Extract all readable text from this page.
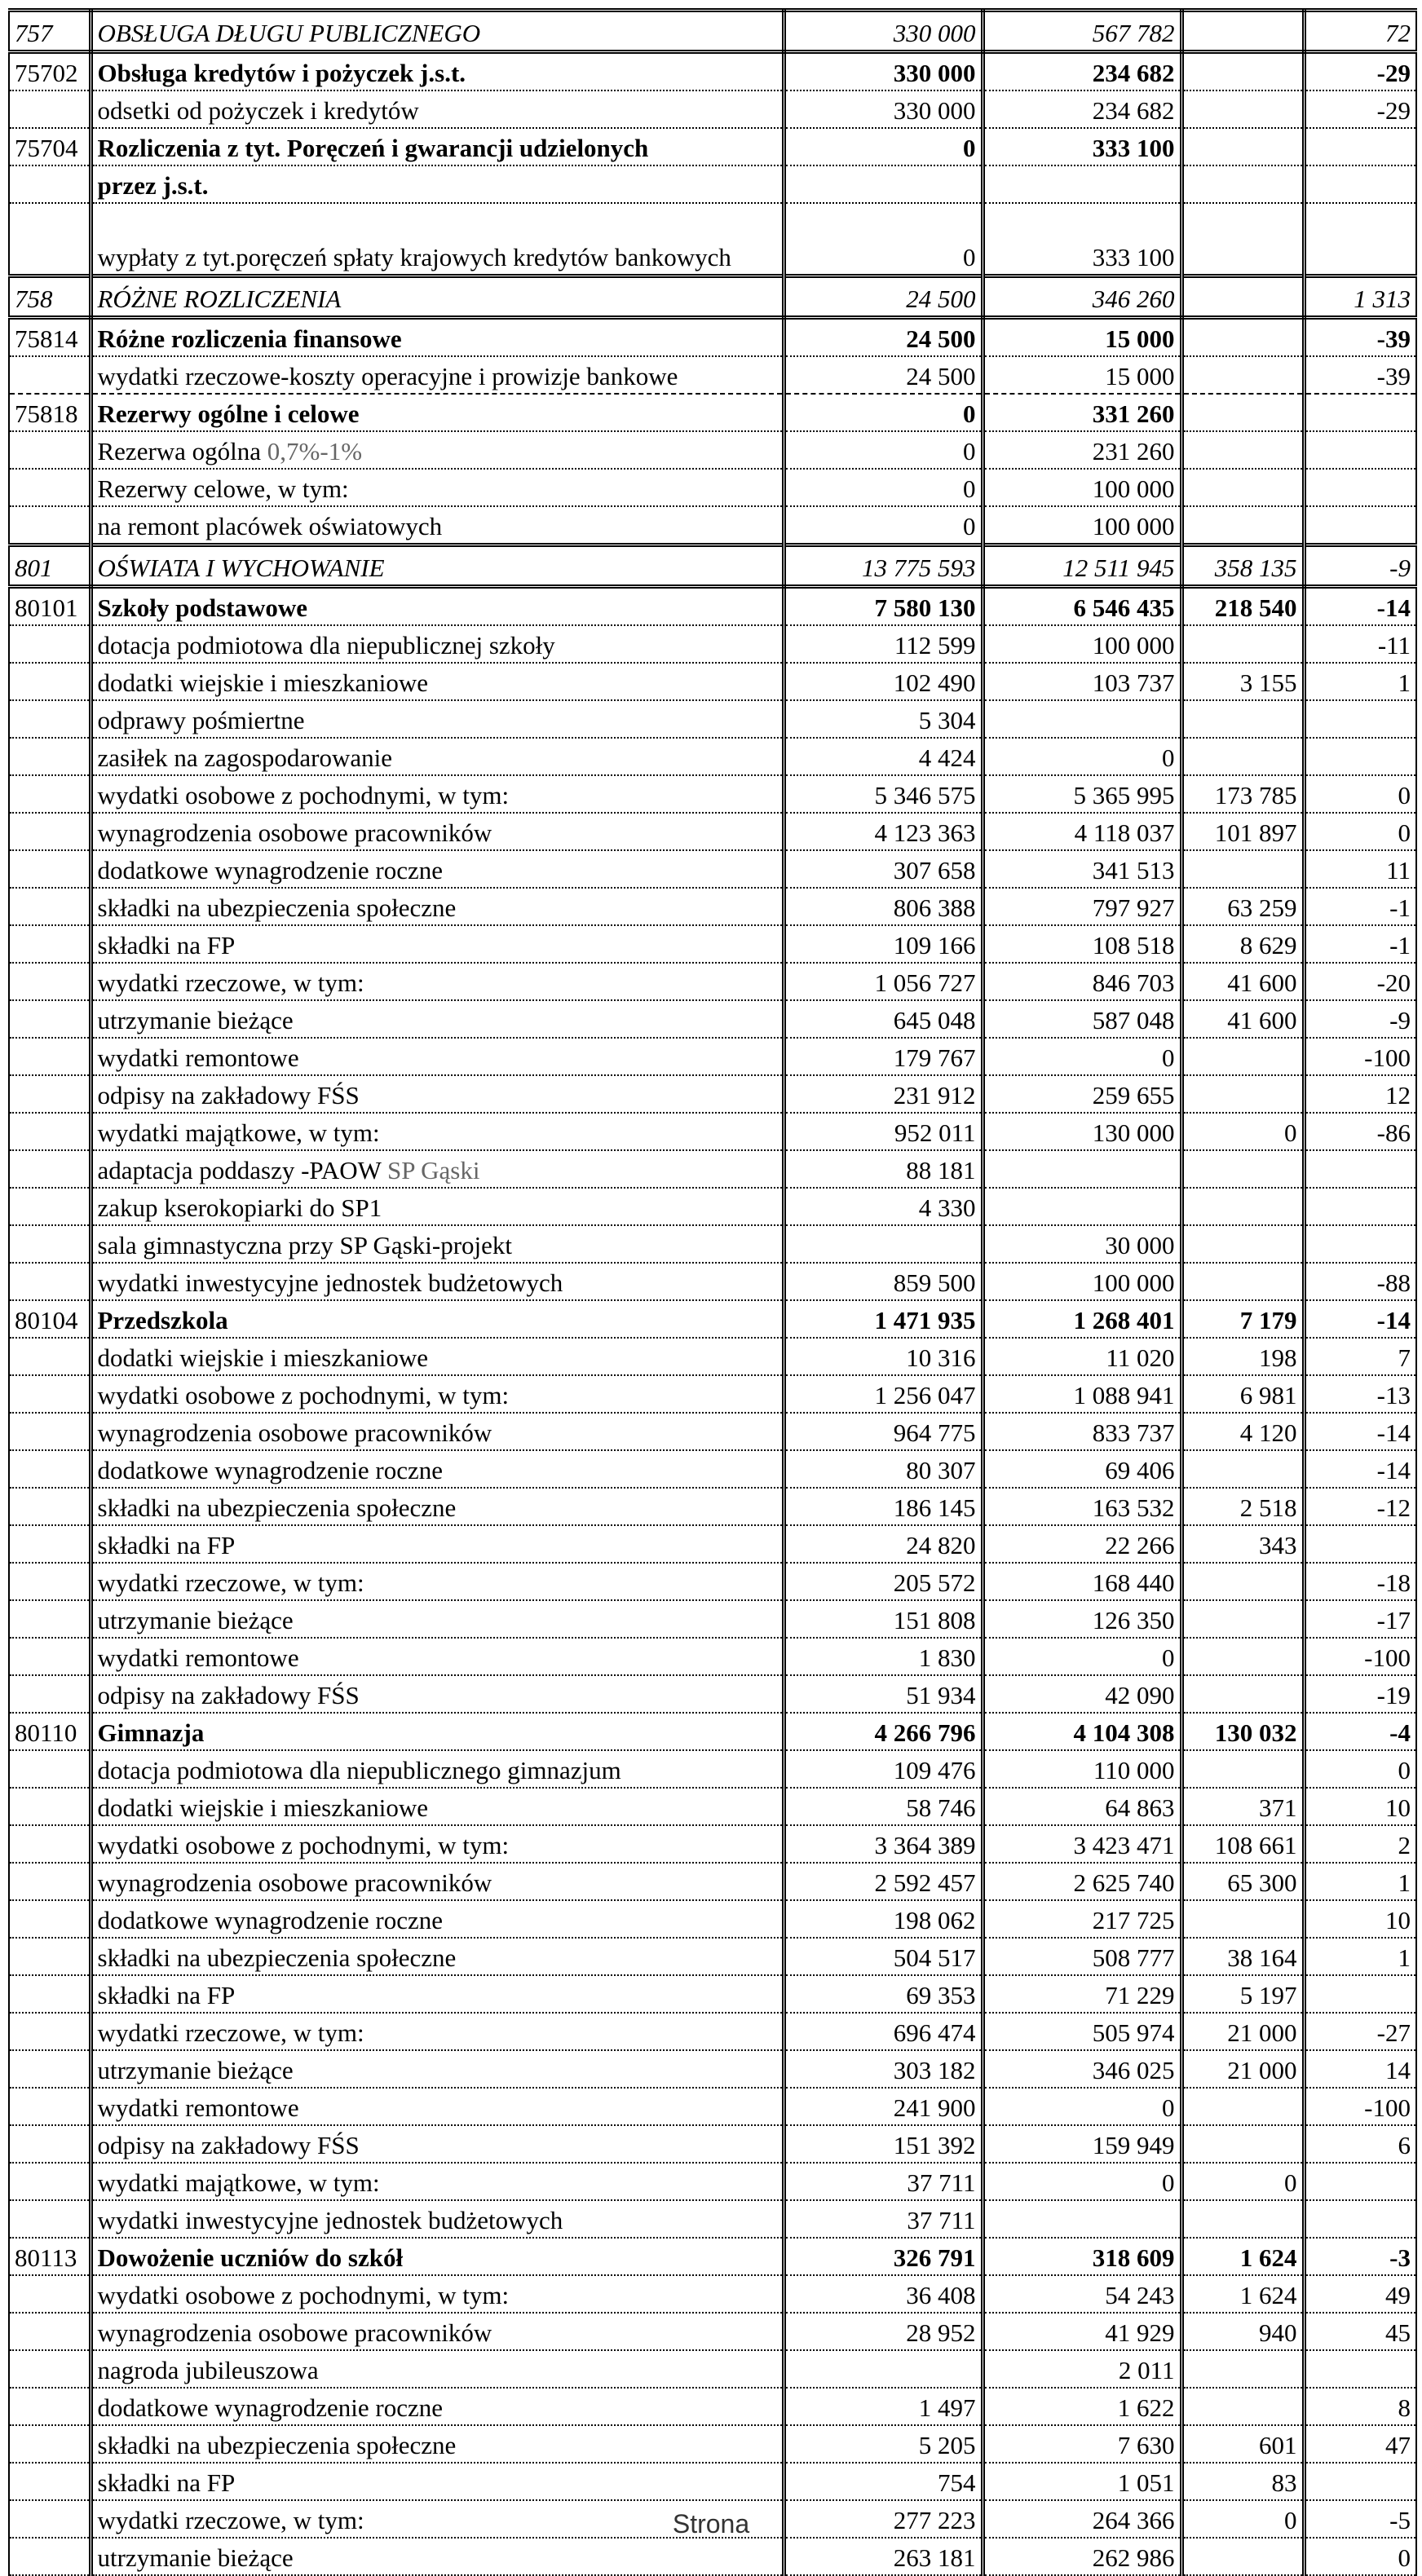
757	OBSŁUGA DŁUGU PUBLICZNEGO	330 000	567 782		72
75702	Obsługa kredytów i pożyczek j.s.t.	330 000	234 682		-29
	odsetki od pożyczek i kredytów	330 000	234 682		-29
75704	Rozliczenia z tyt. Poręczeń i gwarancji udzielonych	0	333 100		
	przez j.s.t.				
	wypłaty z tyt.poręczeń spłaty krajowych kredytów bankowych	0	333 100		
758	RÓŻNE ROZLICZENIA	24 500	346 260		1 313
75814	Różne rozliczenia finansowe	24 500	15 000		-39
	wydatki rzeczowe-koszty operacyjne i prowizje bankowe	24 500	15 000		-39
75818	Rezerwy ogólne i celowe	0	331 260		
	Rezerwa ogólna 0,7%-1%	0	231 260		
	Rezerwy celowe, w tym:	0	100 000		
	na remont placówek oświatowych	0	100 000		
801	OŚWIATA I WYCHOWANIE	13 775 593	12 511 945	358 135	-9
80101	Szkoły podstawowe	7 580 130	6 546 435	218 540	-14
	dotacja podmiotowa dla niepublicznej szkoły	112 599	100 000		-11
	dodatki wiejskie i mieszkaniowe	102 490	103 737	3 155	1
	odprawy pośmiertne	5 304			
	zasiłek na zagospodarowanie	4 424	0		
	wydatki osobowe z pochodnymi, w tym:	5 346 575	5 365 995	173 785	0
	wynagrodzenia osobowe pracowników	4 123 363	4 118 037	101 897	0
	dodatkowe wynagrodzenie roczne	307 658	341 513		11
	składki na ubezpieczenia społeczne	806 388	797 927	63 259	-1
	składki na FP	109 166	108 518	8 629	-1
	wydatki rzeczowe, w tym:	1 056 727	846 703	41 600	-20
	utrzymanie bieżące	645 048	587 048	41 600	-9
	wydatki remontowe	179 767	0		-100
	odpisy na zakładowy FŚS	231 912	259 655		12
	wydatki majątkowe, w tym:	952 011	130 000	0	-86
	adaptacja poddaszy -PAOW SP Gąski	88 181			
	zakup kserokopiarki do SP1	4 330			
	sala gimnastyczna przy SP Gąski-projekt		30 000		
	wydatki inwestycyjne jednostek budżetowych	859 500	100 000		-88
80104	Przedszkola	1 471 935	1 268 401	7 179	-14
	dodatki wiejskie i mieszkaniowe	10 316	11 020	198	7
	wydatki osobowe z pochodnymi, w tym:	1 256 047	1 088 941	6 981	-13
	wynagrodzenia osobowe pracowników	964 775	833 737	4 120	-14
	dodatkowe wynagrodzenie roczne	80 307	69 406		-14
	składki na ubezpieczenia społeczne	186 145	163 532	2 518	-12
	składki na FP	24 820	22 266	343	
	wydatki rzeczowe, w tym:	205 572	168 440		-18
	utrzymanie bieżące	151 808	126 350		-17
	wydatki remontowe	1 830	0		-100
	odpisy na zakładowy FŚS	51 934	42 090		-19
80110	Gimnazja	4 266 796	4 104 308	130 032	-4
	dotacja podmiotowa dla niepublicznego gimnazjum	109 476	110 000		0
	dodatki wiejskie i mieszkaniowe	58 746	64 863	371	10
	wydatki osobowe z pochodnymi, w tym:	3 364 389	3 423 471	108 661	2
	wynagrodzenia osobowe pracowników	2 592 457	2 625 740	65 300	1
	dodatkowe wynagrodzenie roczne	198 062	217 725		10
	składki na ubezpieczenia społeczne	504 517	508 777	38 164	1
	składki na FP	69 353	71 229	5 197	
	wydatki rzeczowe, w tym:	696 474	505 974	21 000	-27
	utrzymanie bieżące	303 182	346 025	21 000	14
	wydatki remontowe	241 900	0		-100
	odpisy na zakładowy FŚS	151 392	159 949		6
	wydatki majątkowe, w tym:	37 711	0	0	
	wydatki inwestycyjne jednostek budżetowych	37 711			
80113	Dowożenie uczniów do szkół	326 791	318 609	1 624	-3
	wydatki osobowe z pochodnymi, w tym:	36 408	54 243	1 624	49
	wynagrodzenia osobowe pracowników	28 952	41 929	940	45
	nagroda jubileuszowa		2 011		
	dodatkowe wynagrodzenie roczne	1 497	1 622		8
	składki na ubezpieczenia społeczne	5 205	7 630	601	47
	składki na FP	754	1 051	83	
	wydatki rzeczowe, w tym:	277 223	264 366	0	-5
	utrzymanie bieżące	263 181	262 986		0
Strona
